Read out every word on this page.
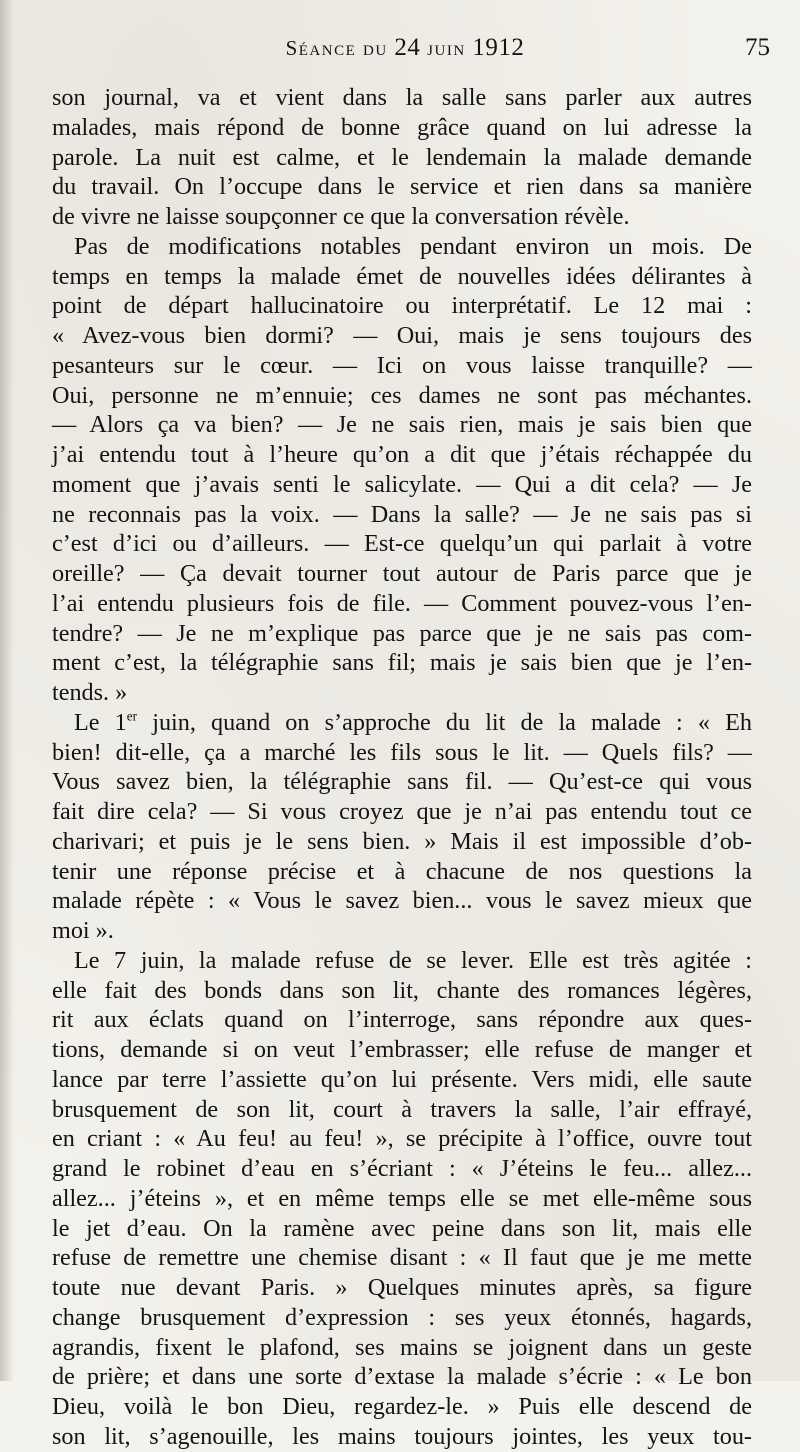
Séance du 24 juin 1912	75
son journal, va et vient dans la salle sans parler aux autres
malades, mais répond de bonne grâce quand on lui adresse la
parole. La nuit est calme, et le lendemain la malade demande
du travail. On l’occupe dans le service et rien dans sa manière
de vivre ne laisse soupçonner ce que la conversation révèle.
Pas de modifications notables pendant environ un mois. De
temps en temps la malade émet de nouvelles idées délirantes à
point de départ hallucinatoire ou interprétatif. Le 12 mai :
« Avez-vous bien dormi? — Oui, mais je sens toujours des
pesanteurs sur le cœur. — Ici on vous laisse tranquille? —
Oui, personne ne m’ennuie; ces dames ne sont pas méchantes.
— Alors ça va bien? — Je ne sais rien, mais je sais bien que
j’ai entendu tout à l’heure qu’on a dit que j’étais réchappée du
moment que j’avais senti le salicylate. — Qui a dit cela? — Je
ne reconnais pas la voix. — Dans la salle? — Je ne sais pas si
c’est d’ici ou d’ailleurs. — Est-ce quelqu’un qui parlait à votre
oreille? — Ça devait tourner tout autour de Paris parce que je
l’ai entendu plusieurs fois de file. — Comment pouvez-vous l’en-
tendre? — Je ne m’explique pas parce que je ne sais pas com-
ment c’est, la télégraphie sans fil; mais je sais bien que je l’en-
tends. »
Le 1er juin, quand on s’approche du lit de la malade : « Eh
bien! dit-elle, ça a marché les fils sous le lit. — Quels fils? —
Vous savez bien, la télégraphie sans fil. — Qu’est-ce qui vous
fait dire cela? — Si vous croyez que je n’ai pas entendu tout ce
charivari; et puis je le sens bien. » Mais il est impossible d’ob-
tenir une réponse précise et à chacune de nos questions la
malade répète : « Vous le savez bien... vous le savez mieux que
moi ».
Le 7 juin, la malade refuse de se lever. Elle est très agitée :
elle fait des bonds dans son lit, chante des romances légères,
rit aux éclats quand on l’interroge, sans répondre aux ques-
tions, demande si on veut l’embrasser; elle refuse de manger et
lance par terre l’assiette qu’on lui présente. Vers midi, elle saute
brusquement de son lit, court à travers la salle, l’air effrayé,
en criant : « Au feu! au feu! », se précipite à l’office, ouvre tout
grand le robinet d’eau en s’écriant : « J’éteins le feu... allez...
allez... j’éteins », et en même temps elle se met elle-même sous
le jet d’eau. On la ramène avec peine dans son lit, mais elle
refuse de remettre une chemise disant : « Il faut que je me mette
toute nue devant Paris. » Quelques minutes après, sa figure
change brusquement d’expression : ses yeux étonnés, hagards,
agrandis, fixent le plafond, ses mains se joignent dans un geste
de prière; et dans une sorte d’extase la malade s’écrie : « Le bon
Dieu, voilà le bon Dieu, regardez-le. » Puis elle descend de
son lit, s’agenouille, les mains toujours jointes, les yeux tou-
